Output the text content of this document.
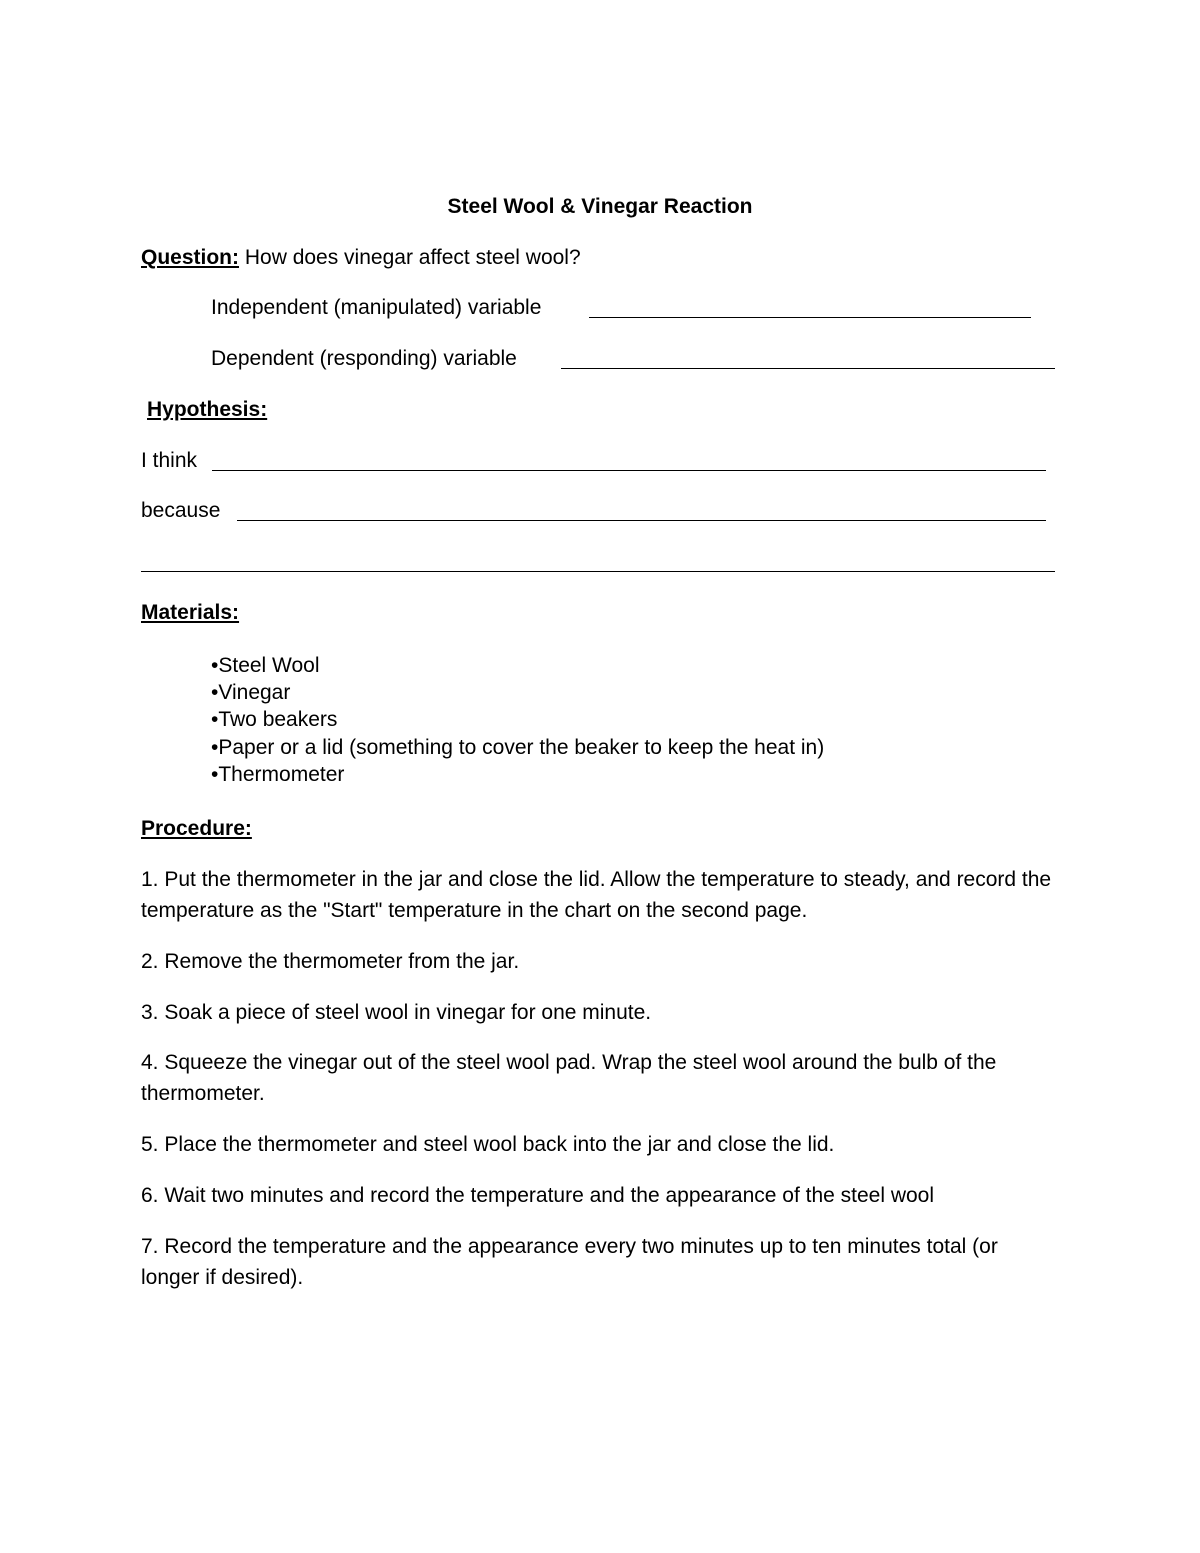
Steel Wool & Vinegar Reaction
Question: How does vinegar affect steel wool?
Independent (manipulated) variable
Dependent (responding) variable
Hypothesis:
I think
because
Materials:
•Steel Wool
•Vinegar
•Two beakers
•Paper or a lid (something to cover the beaker to keep the heat in)
•Thermometer
Procedure:
1. Put the thermometer in the jar and close the lid. Allow the temperature to steady, and record the temperature as the "Start" temperature in the chart on the second page.
2. Remove the thermometer from the jar.
3. Soak a piece of steel wool in vinegar for one minute.
4. Squeeze the vinegar out of the steel wool pad. Wrap the steel wool around the bulb of the thermometer.
5. Place the thermometer and steel wool back into the jar and close the lid.
6. Wait two minutes and record the temperature and the appearance of the steel wool
7. Record the temperature and the appearance every two minutes up to ten minutes total (or longer if desired).
